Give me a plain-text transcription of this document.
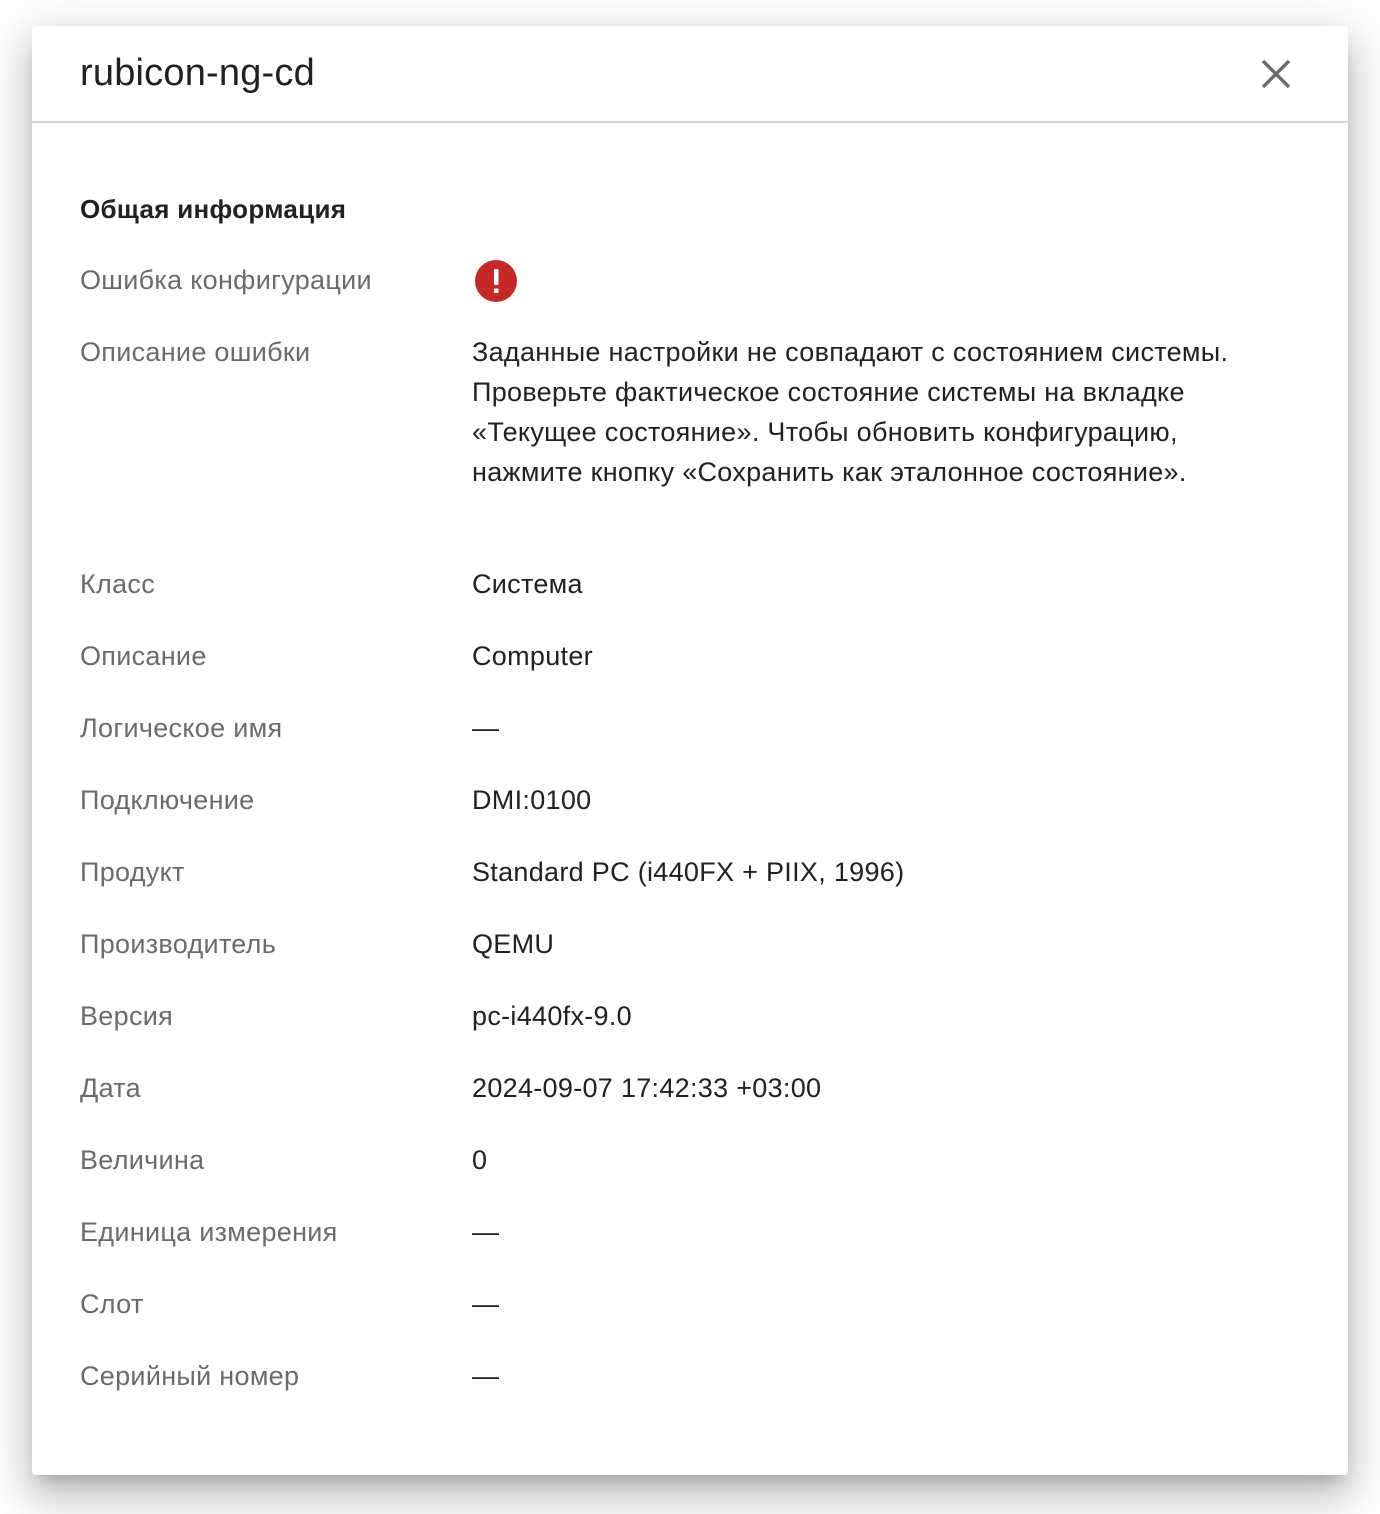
rubicon-ng-cd
Общая информация
Ошибка конфигурации
Описание ошибки	Заданные настройки не совпадают с состоянием системы. Проверьте фактическое состояние системы на вкладке «Текущее состояние». Чтобы обновить конфигурацию, нажмите кнопку «Сохранить как эталонное состояние».
Класс	Система
Описание	Computer
Логическое имя	—
Подключение	DMI:0100
Продукт	Standard PC (i440FX + PIIX, 1996)
Производитель	QEMU
Версия	pc-i440fx-9.0
Дата	2024-09-07 17:42:33 +03:00
Величина	0
Единица измерения	—
Слот	—
Серийный номер	—
